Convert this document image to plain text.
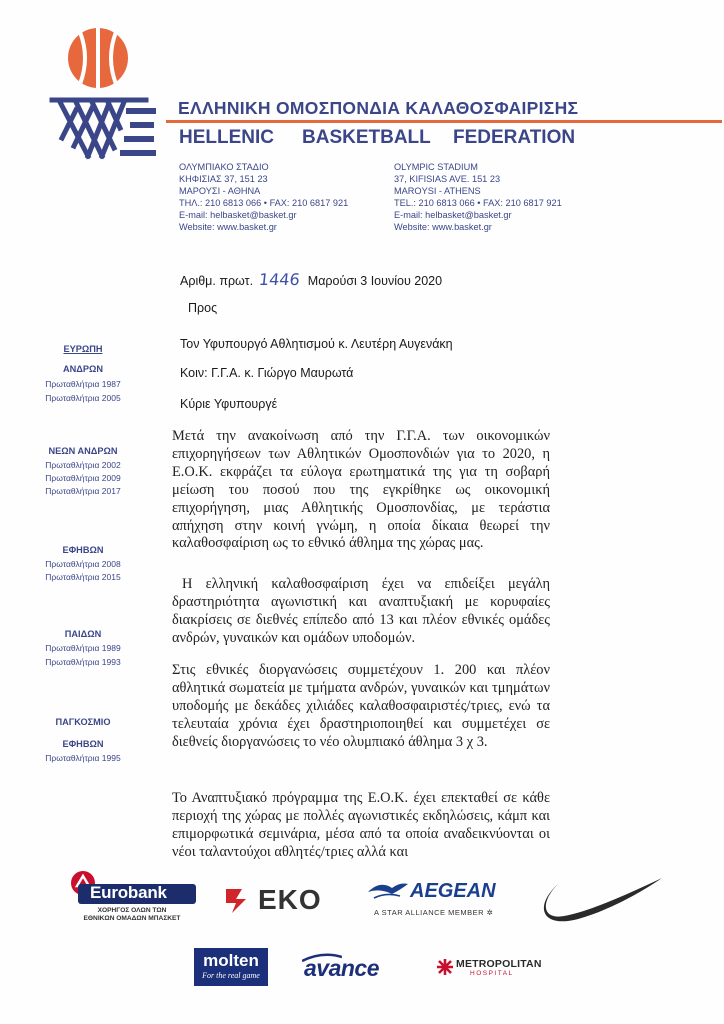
ΕΛΛΗΝΙΚΗ ΟΜΟΣΠΟΝΔΙΑ ΚΑΛΑΘΟΣΦΑΙΡΙΣΗΣ
HELLENIC BASKETBALL FEDERATION
ΟΛΥΜΠΙΑΚΟ ΣΤΑΔΙΟ
ΚΗΦΙΣΙΑΣ 37, 151 23
ΜΑΡΟΥΣΙ - ΑΘΗΝΑ
ΤΗΛ.: 210 6813 066 • FAX: 210 6817 921
E-mail: helbasket@basket.gr
Website: www.basket.gr
OLYMPIC STADIUM
37, KIFISIAS AVE. 151 23
MAROYSI - ATHENS
TEL.: 210 6813 066 • FAX: 210 6817 921
E-mail: helbasket@basket.gr
Website: www.basket.gr
ΕΥΡΩΠΗ
ΑΝΔΡΩΝ
Πρωταθλήτρια 1987
Πρωταθλήτρια 2005
ΝΕΩΝ ΑΝΔΡΩΝ
Πρωταθλήτρια 2002
Πρωταθλήτρια 2009
Πρωταθλήτρια 2017
ΕΦΗΒΩΝ
Πρωταθλήτρια 2008
Πρωταθλήτρια 2015
ΠΑΙΔΩΝ
Πρωταθλήτρια 1989
Πρωταθλήτρια 1993
ΠΑΓΚΟΣΜΙΟ
ΕΦΗΒΩΝ
Πρωταθλήτρια 1995
Αριθμ. πρωτ. 1446 Μαρούσι 3 Ιουνίου 2020
Προς
Τον Υφυπουργό Αθλητισμού κ. Λευτέρη Αυγενάκη
Κοιν: Γ.Γ.Α. κ. Γιώργο Μαυρωτά
Κύριε Υφυπουργέ
Μετά την ανακοίνωση από την Γ.Γ.Α. των οικονομικών επιχορηγήσεων των Αθλητικών Ομοσπονδιών για το 2020, η Ε.Ο.Κ. εκφράζει τα εύλογα ερωτηματικά της για τη σοβαρή μείωση του ποσού που της εγκρίθηκε ως οικονομική επιχορήγηση, μιας Αθλητικής Ομοσπονδίας, με τεράστια απήχηση στην κοινή γνώμη, η οποία δίκαια θεωρεί την καλαθοσφαίριση ως το εθνικό άθλημα της χώρας μας.
Η ελληνική καλαθοσφαίριση έχει να επιδείξει μεγάλη δραστηριότητα αγωνιστική και αναπτυξιακή με κορυφαίες διακρίσεις σε διεθνές επίπεδο από 13 και πλέον εθνικές ομάδες ανδρών, γυναικών και ομάδων υποδομών.
Στις εθνικές διοργανώσεις συμμετέχουν 1. 200 και πλέον αθλητικά σωματεία με τμήματα ανδρών, γυναικών και τμημάτων υποδομής με δεκάδες χιλιάδες καλαθοσφαιριστές/τριες, ενώ τα τελευταία χρόνια έχει δραστηριοποιηθεί και συμμετέχει σε διεθνείς διοργανώσεις το νέο ολυμπιακό άθλημα 3 χ 3.
Το Αναπτυξιακό πρόγραμμα της Ε.Ο.Κ. έχει επεκταθεί σε κάθε περιοχή της χώρας με πολλές αγωνιστικές εκδηλώσεις, κάμπ και επιμορφωτικά σεμινάρια, μέσα από τα οποία αναδεικνύονται οι νέοι ταλαντούχοι αθλητές/τριες αλλά και
Eurobank
ΧΟΡΗΓΟΣ ΟΛΩΝ ΤΩΝ
ΕΘΝΙΚΩΝ ΟΜΑΔΩΝ ΜΠΑΣΚΕΤ
EKO	AEGEAN
A STAR ALLIANCE MEMBER ✲
molten
For the real game	avance	METROPOLITAN
HOSPITAL
